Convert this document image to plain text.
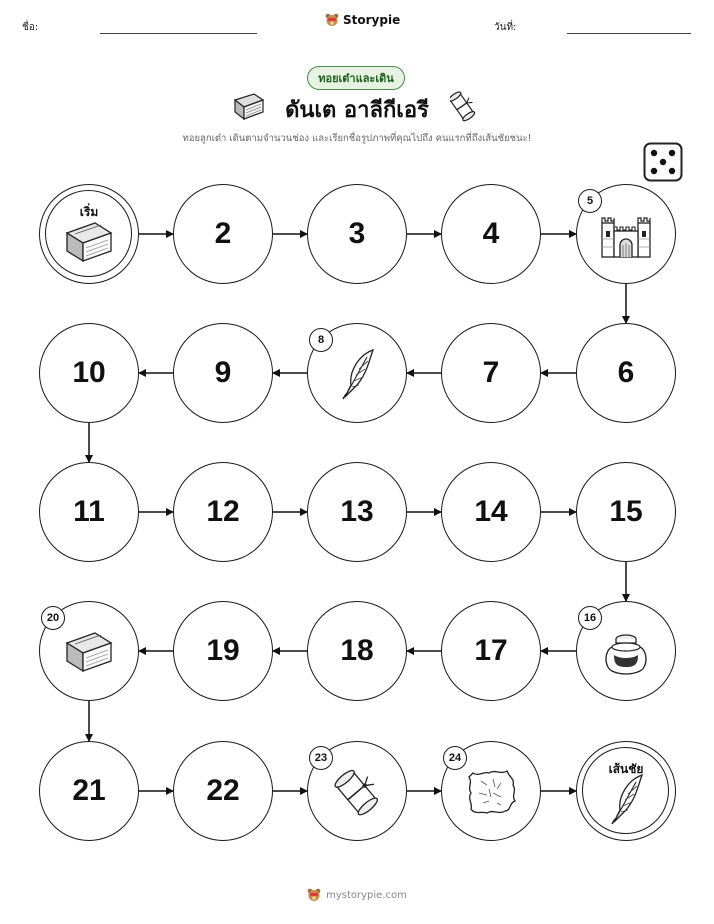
ชื่อ:
Storypie
วันที่:
ทอยเต๋าและเดิน
ดันเต อาลีกีเอรี
ทอยลูกเต๋า เดินตามจำนวนช่อง และเรียกชื่อรูปภาพที่คุณไปถึง คนแรกที่ถึงเส้นชัยชนะ!
เริ่ม
2	3	4
6
7
9
10
11	12	13	14	15
17
18
19
21	22
เส้นชัย
5
8
16
20
23	24
mystorypie.com
